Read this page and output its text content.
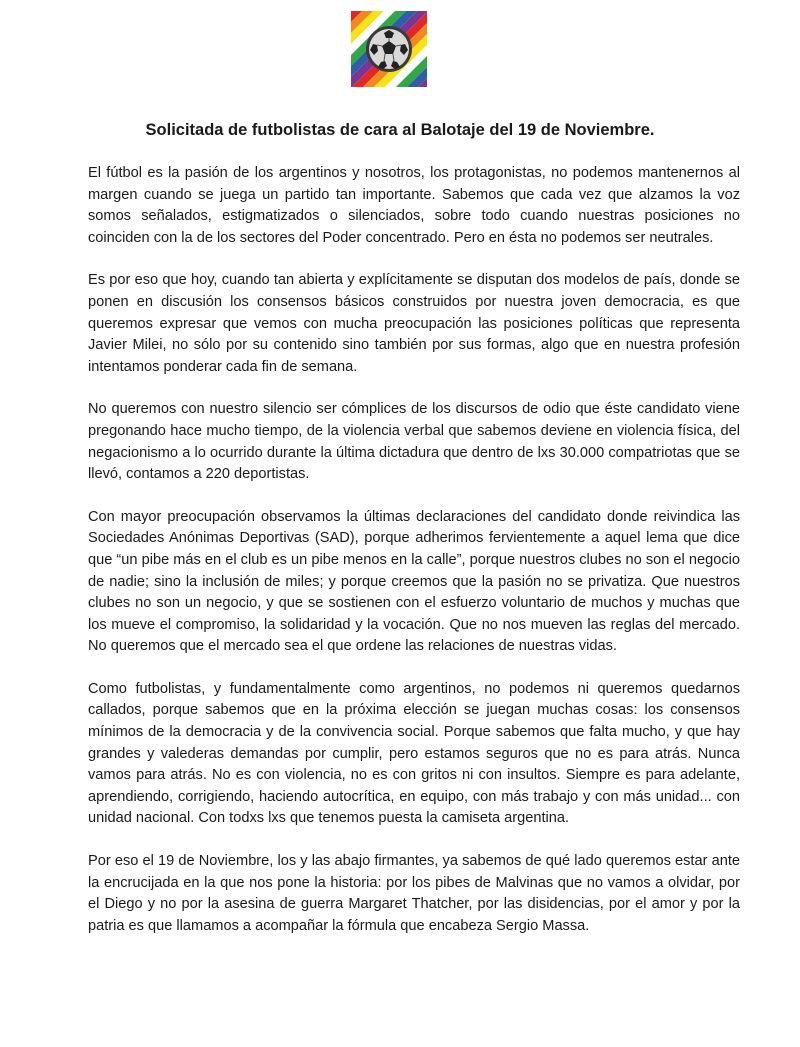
Solicitada de futbolistas de cara al Balotaje del 19 de Noviembre.

El fútbol es la pasión de los argentinos y nosotros, los protagonistas, no podemos mantenernos al margen cuando se juega un partido tan importante. Sabemos que cada vez que alzamos la voz somos señalados, estigmatizados o silenciados, sobre todo cuando nuestras posiciones no coinciden con la de los sectores del Poder concentrado. Pero en ésta no podemos ser neutrales.

Es por eso que hoy, cuando tan abierta y explícitamente se disputan dos modelos de país, donde se ponen en discusión los consensos básicos construidos por nuestra joven democracia, es que queremos expresar que vemos con mucha preocupación las posiciones políticas que representa Javier Milei, no sólo por su contenido sino también por sus formas, algo que en nuestra profesión intentamos ponderar cada fin de semana.

No queremos con nuestro silencio ser cómplices de los discursos de odio que éste candidato viene pregonando hace mucho tiempo, de la violencia verbal que sabemos deviene en violencia física, del negacionismo a lo ocurrido durante la última dictadura que dentro de lxs 30.000 compatriotas que se llevó, contamos a 220 deportistas.

Con mayor preocupación observamos la últimas declaraciones del candidato donde reivindica las Sociedades Anónimas Deportivas (SAD), porque adherimos fervientemente a aquel lema que dice que “un pibe más en el club es un pibe menos en la calle”, porque nuestros clubes no son el negocio de nadie; sino la inclusión de miles; y porque creemos que la pasión no se privatiza. Que nuestros clubes no son un negocio, y que se sostienen con el esfuerzo voluntario de muchos y muchas que los mueve el compromiso, la solidaridad y la vocación. Que no nos mueven las reglas del mercado. No queremos que el mercado sea el que ordene las relaciones de nuestras vidas.

Como futbolistas, y fundamentalmente como argentinos, no podemos ni queremos quedarnos callados, porque sabemos que en la próxima elección se juegan muchas cosas: los consensos mínimos de la democracia y de la convivencia social. Porque sabemos que falta mucho, y que hay grandes y valederas demandas por cumplir, pero estamos seguros que no es para atrás. Nunca vamos para atrás. No es con violencia, no es con gritos ni con insultos. Siempre es para adelante, aprendiendo, corrigiendo, haciendo autocrítica, en equipo, con más trabajo y con más unidad... con unidad nacional. Con todxs lxs que tenemos puesta la camiseta argentina.

Por eso el 19 de Noviembre, los y las abajo firmantes, ya sabemos de qué lado queremos estar ante la encrucijada en la que nos pone la historia: por los pibes de Malvinas que no vamos a olvidar, por el Diego y no por la asesina de guerra Margaret Thatcher, por las disidencias, por el amor y por la patria es que llamamos a acompañar la fórmula que encabeza Sergio Massa.
